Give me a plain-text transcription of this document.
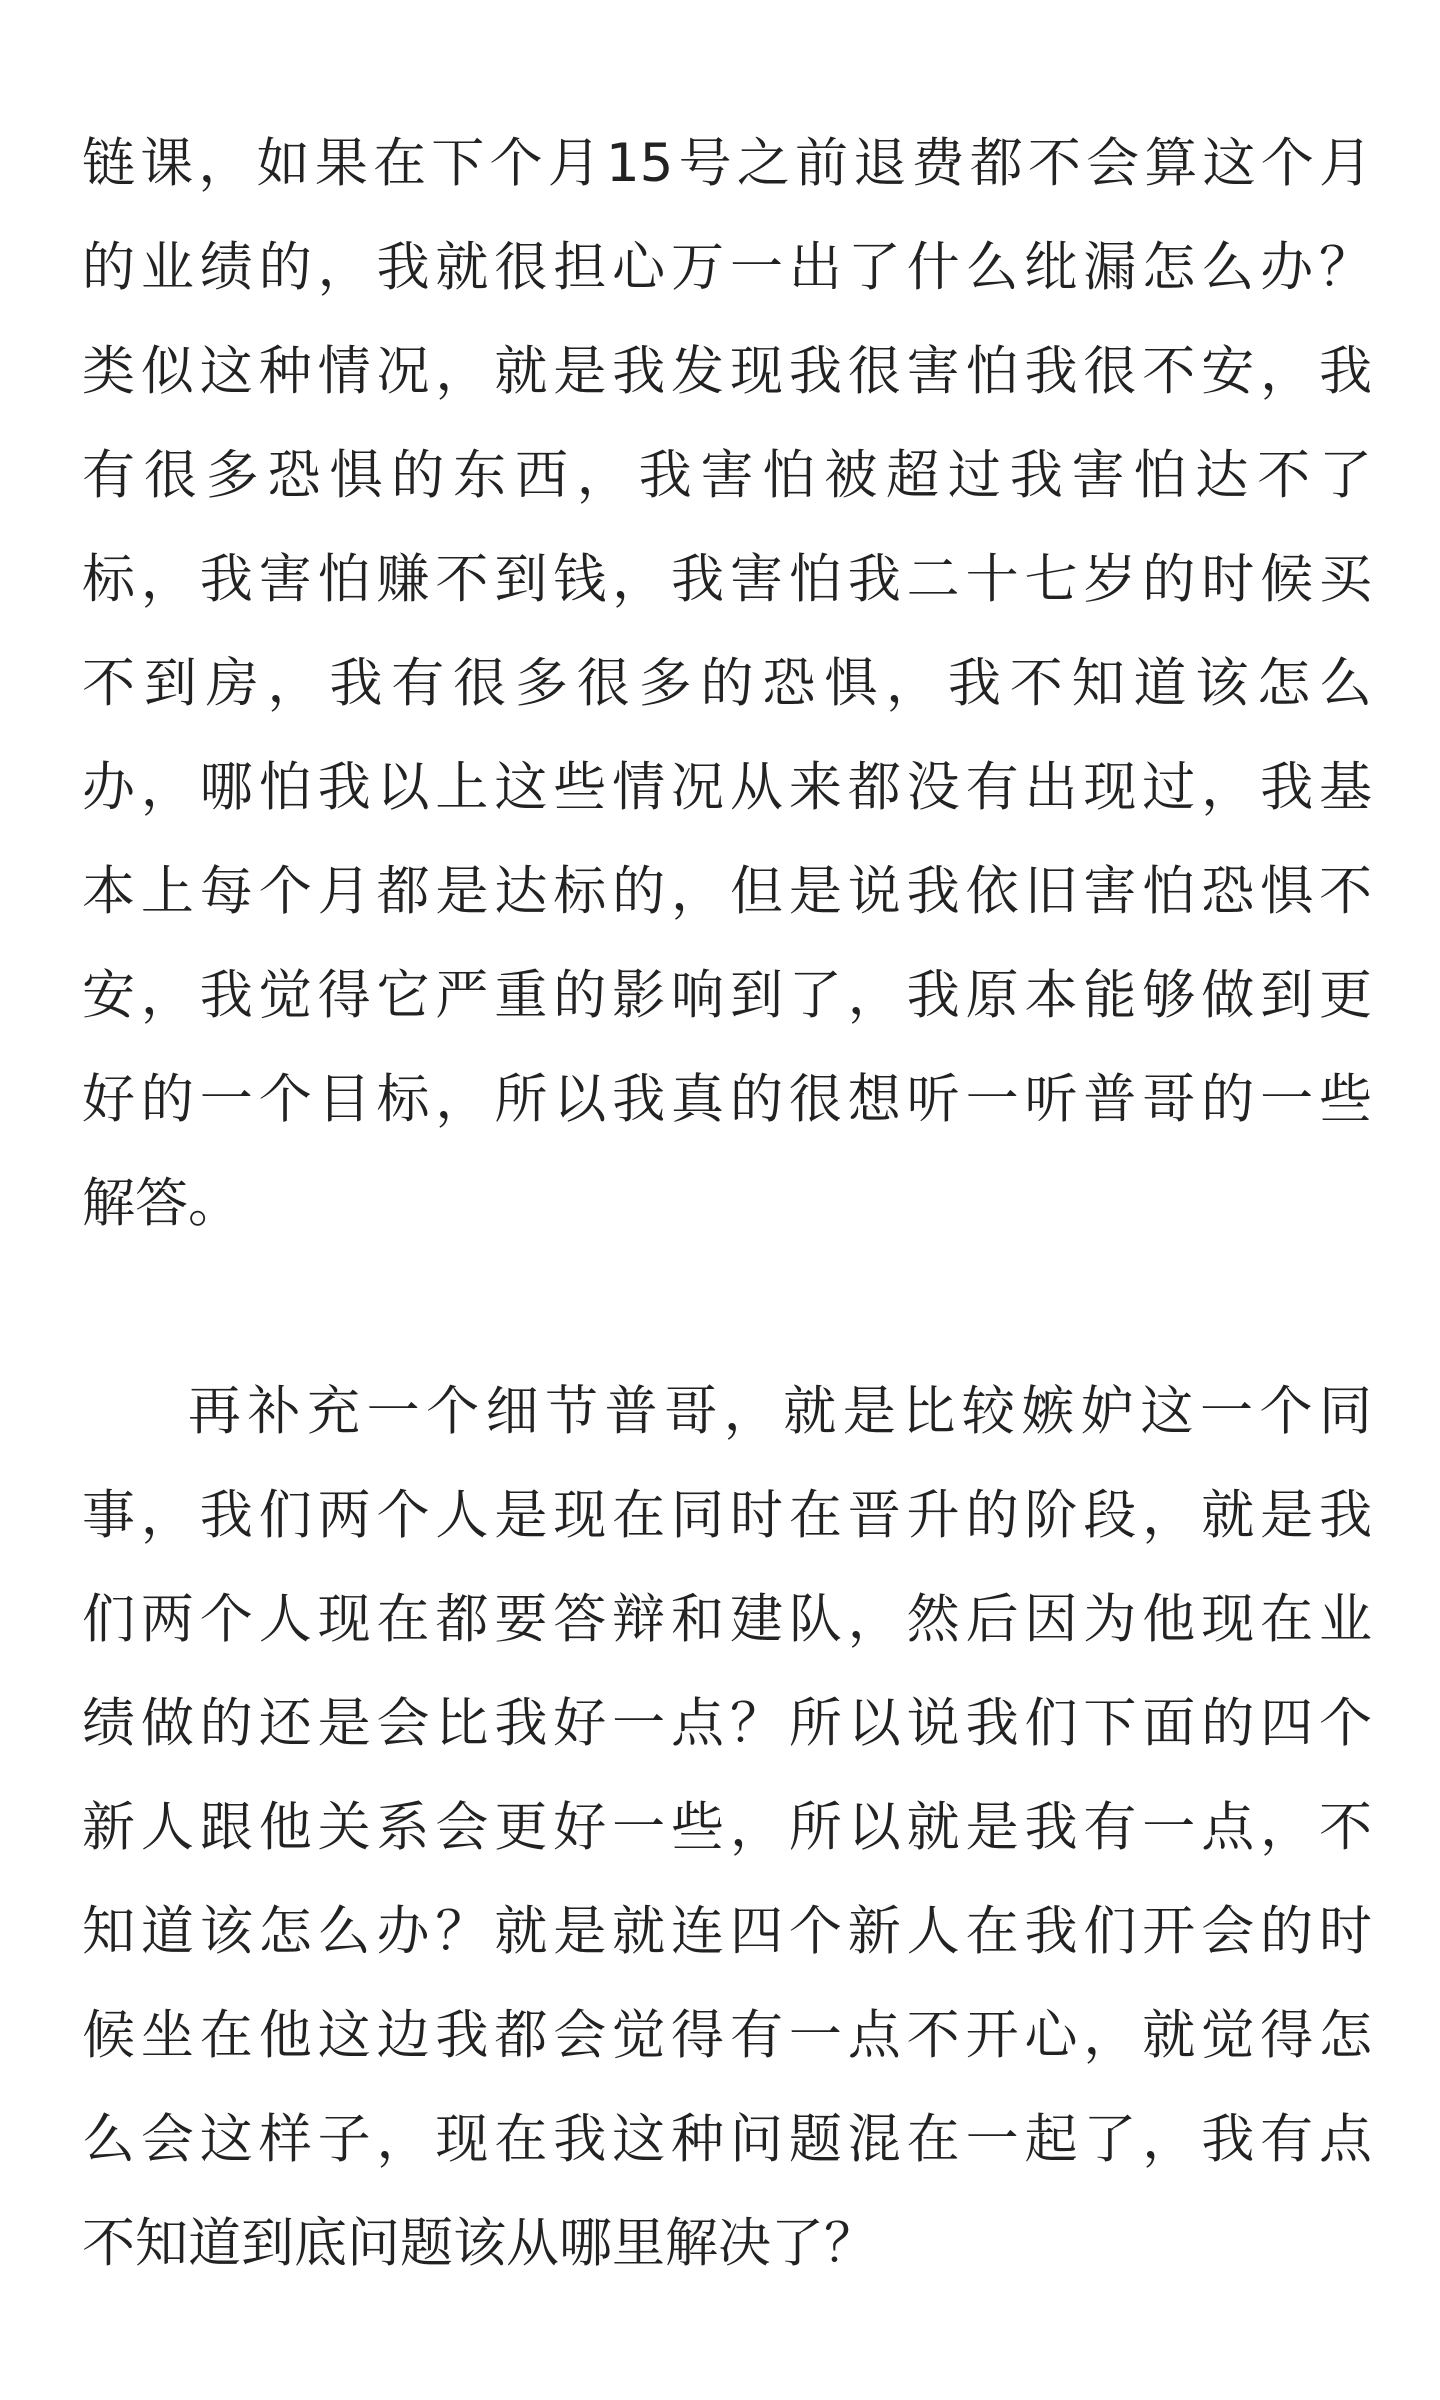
链课，如果在下个月15号之前退费都不会算这个月
的业绩的，我就很担心万一出了什么纰漏怎么办？
类似这种情况，就是我发现我很害怕我很不安，我
有很多恐惧的东西，我害怕被超过我害怕达不了
标，我害怕赚不到钱，我害怕我二十七岁的时候买
不到房，我有很多很多的恐惧，我不知道该怎么
办，哪怕我以上这些情况从来都没有出现过，我基
本上每个月都是达标的，但是说我依旧害怕恐惧不
安，我觉得它严重的影响到了，我原本能够做到更
好的一个目标，所以我真的很想听一听普哥的一些
解答。
再补充一个细节普哥，就是比较嫉妒这一个同
事，我们两个人是现在同时在晋升的阶段，就是我
们两个人现在都要答辩和建队，然后因为他现在业
绩做的还是会比我好一点？所以说我们下面的四个
新人跟他关系会更好一些，所以就是我有一点，不
知道该怎么办？就是就连四个新人在我们开会的时
候坐在他这边我都会觉得有一点不开心，就觉得怎
么会这样子，现在我这种问题混在一起了，我有点
不知道到底问题该从哪里解决了？
